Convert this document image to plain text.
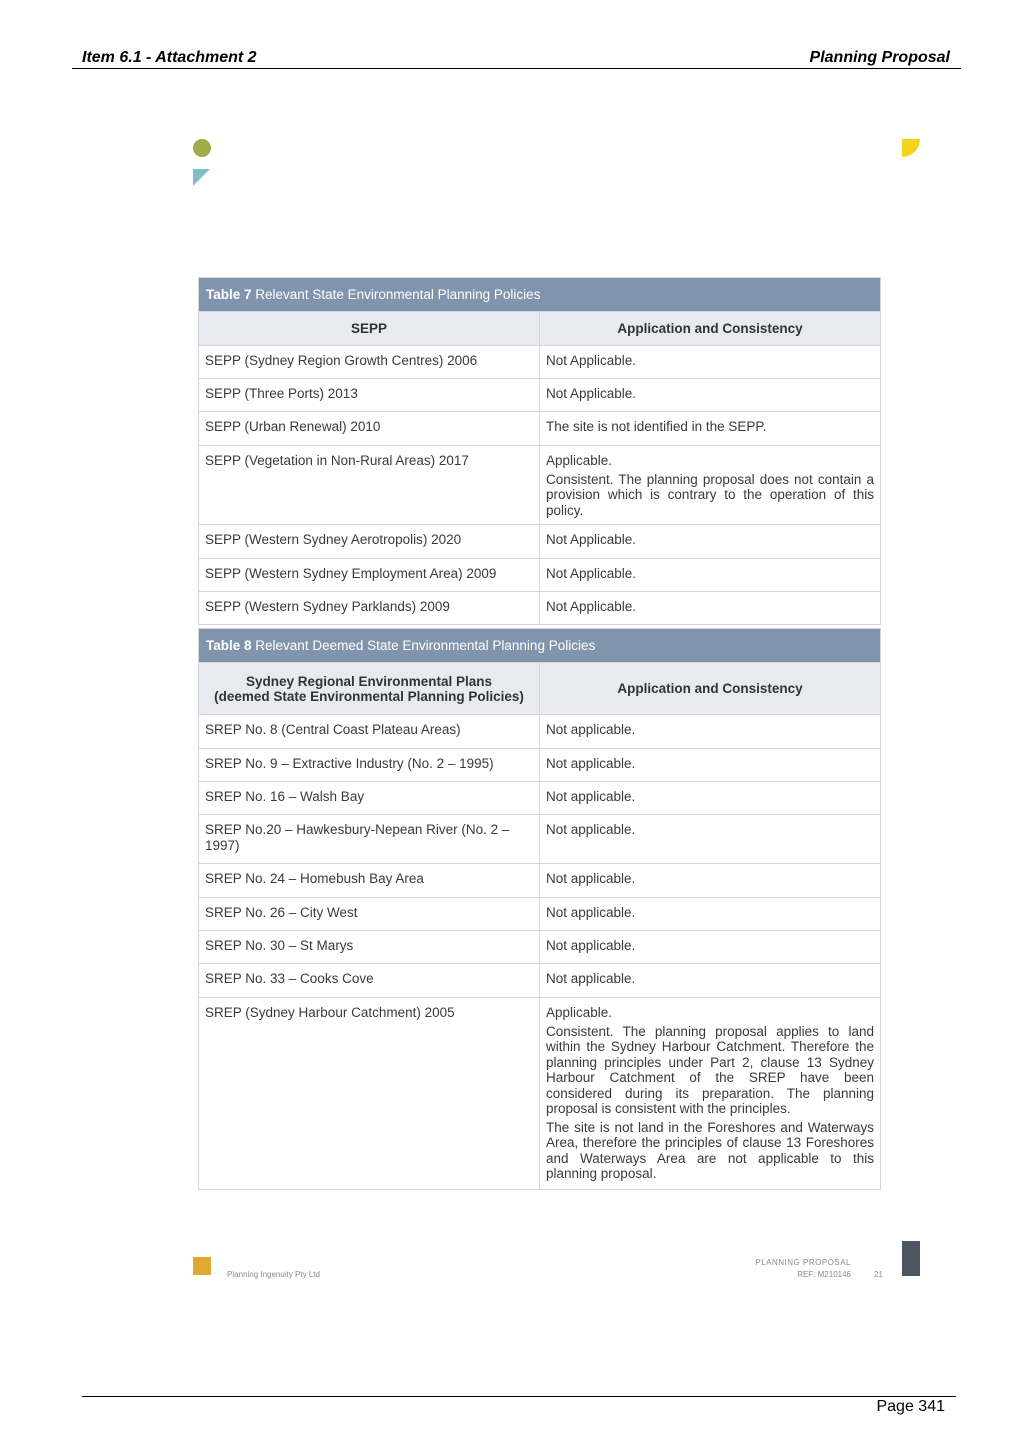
Item 6.1 - Attachment 2	Planning Proposal
Table 7 Relevant State Environmental Planning Policies	
SEPP	Application and Consistency
SEPP (Sydney Region Growth Centres) 2006	Not Applicable.

SEPP (Three Ports) 2013	Not Applicable.

SEPP (Urban Renewal) 2010	The site is not identified in the SEPP.

SEPP (Vegetation in Non-Rural Areas) 2017	Applicable.
Consistent. The planning proposal does not contain a provision which is contrary to the operation of this policy.

SEPP (Western Sydney Aerotropolis) 2020	Not Applicable.

SEPP (Western Sydney Employment Area) 2009	Not Applicable.

SEPP (Western Sydney Parklands) 2009	Not Applicable.
Table 8 Relevant Deemed State Environmental Planning Policies	

Sydney Regional Environmental Plans
(deemed State Environmental Planning Policies)	Application and Consistency
SREP No. 8 (Central Coast Plateau Areas)	Not applicable.

SREP No. 9 – Extractive Industry (No. 2 – 1995)	Not applicable.

SREP No. 16 – Walsh Bay	Not applicable.

SREP No.20 – Hawkesbury-Nepean River (No. 2 – 1997)	Not applicable.

SREP No. 24 – Homebush Bay Area	Not applicable.

SREP No. 26 – City West	Not applicable.

SREP No. 30 – St Marys	Not applicable.

SREP No. 33 – Cooks Cove	Not applicable.

SREP (Sydney Harbour Catchment) 2005	Applicable.
Consistent. The planning proposal applies to land within the Sydney Harbour Catchment. Therefore the planning principles under Part 2, clause 13 Sydney Harbour Catchment of the SREP have been considered during its preparation. The planning proposal is consistent with the principles.
The site is not land in the Foreshores and Waterways Area, therefore the principles of clause 13 Foreshores and Waterways Area are not applicable to this planning proposal.
Planning Ingenuity Pty Ltd
PLANNING PROPOSAL
REF: M210146	21
Page 341
